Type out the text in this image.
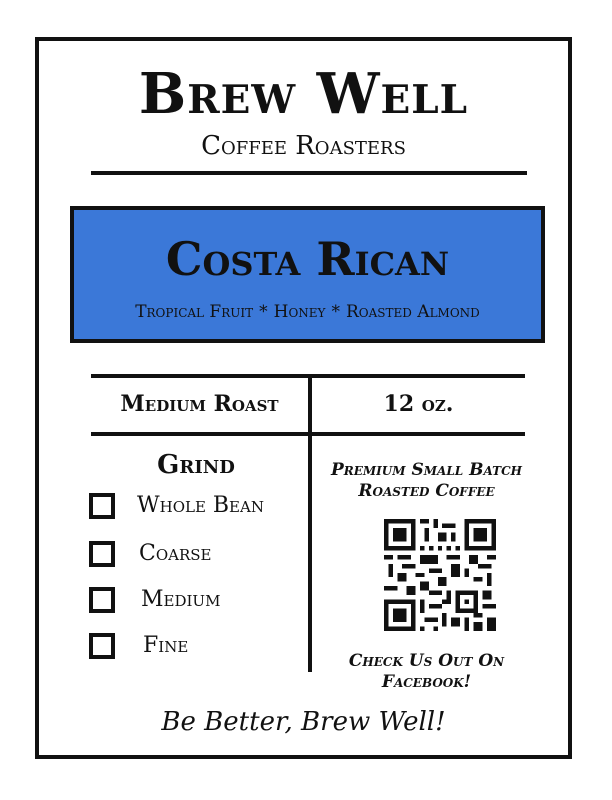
Brew Well
Coffee Roasters
Costa Rican
Tropical Fruit * Honey * Roasted Almond
Medium Roast	12 oz.
Grind
Whole Bean
Coarse
Medium
Fine
Premium Small Batch
Roasted Coffee
Check Us Out On
Facebook!
Be Better, Brew Well!
